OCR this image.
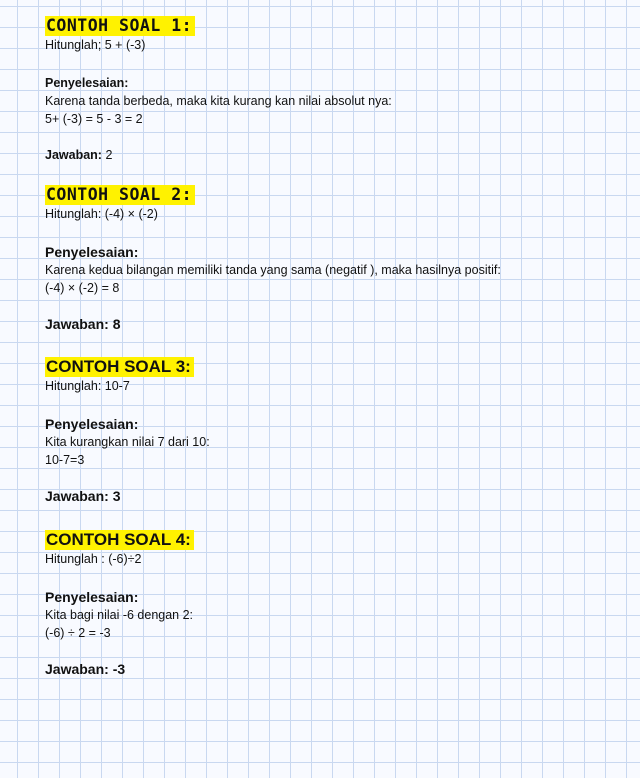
CONTOH SOAL 1:
Hitunglah; 5 + (-3)
Penyelesaian:
Karena tanda berbeda, maka kita kurang kan nilai absolut nya:
5+ (-3) = 5 - 3 = 2
Jawaban: 2
CONTOH SOAL 2:
Hitunglah: (-4) × (-2)
Penyelesaian:
Karena kedua bilangan memiliki tanda yang sama (negatif ), maka hasilnya positif:
(-4) × (-2) = 8
Jawaban: 8
CONTOH SOAL 3:
Hitunglah: 10-7
Penyelesaian:
Kita kurangkan nilai 7 dari 10:
10-7=3
Jawaban: 3
CONTOH SOAL 4:
Hitunglah : (-6)÷2
Penyelesaian:
Kita bagi nilai -6 dengan 2:
(-6) ÷ 2 = -3
Jawaban: -3
